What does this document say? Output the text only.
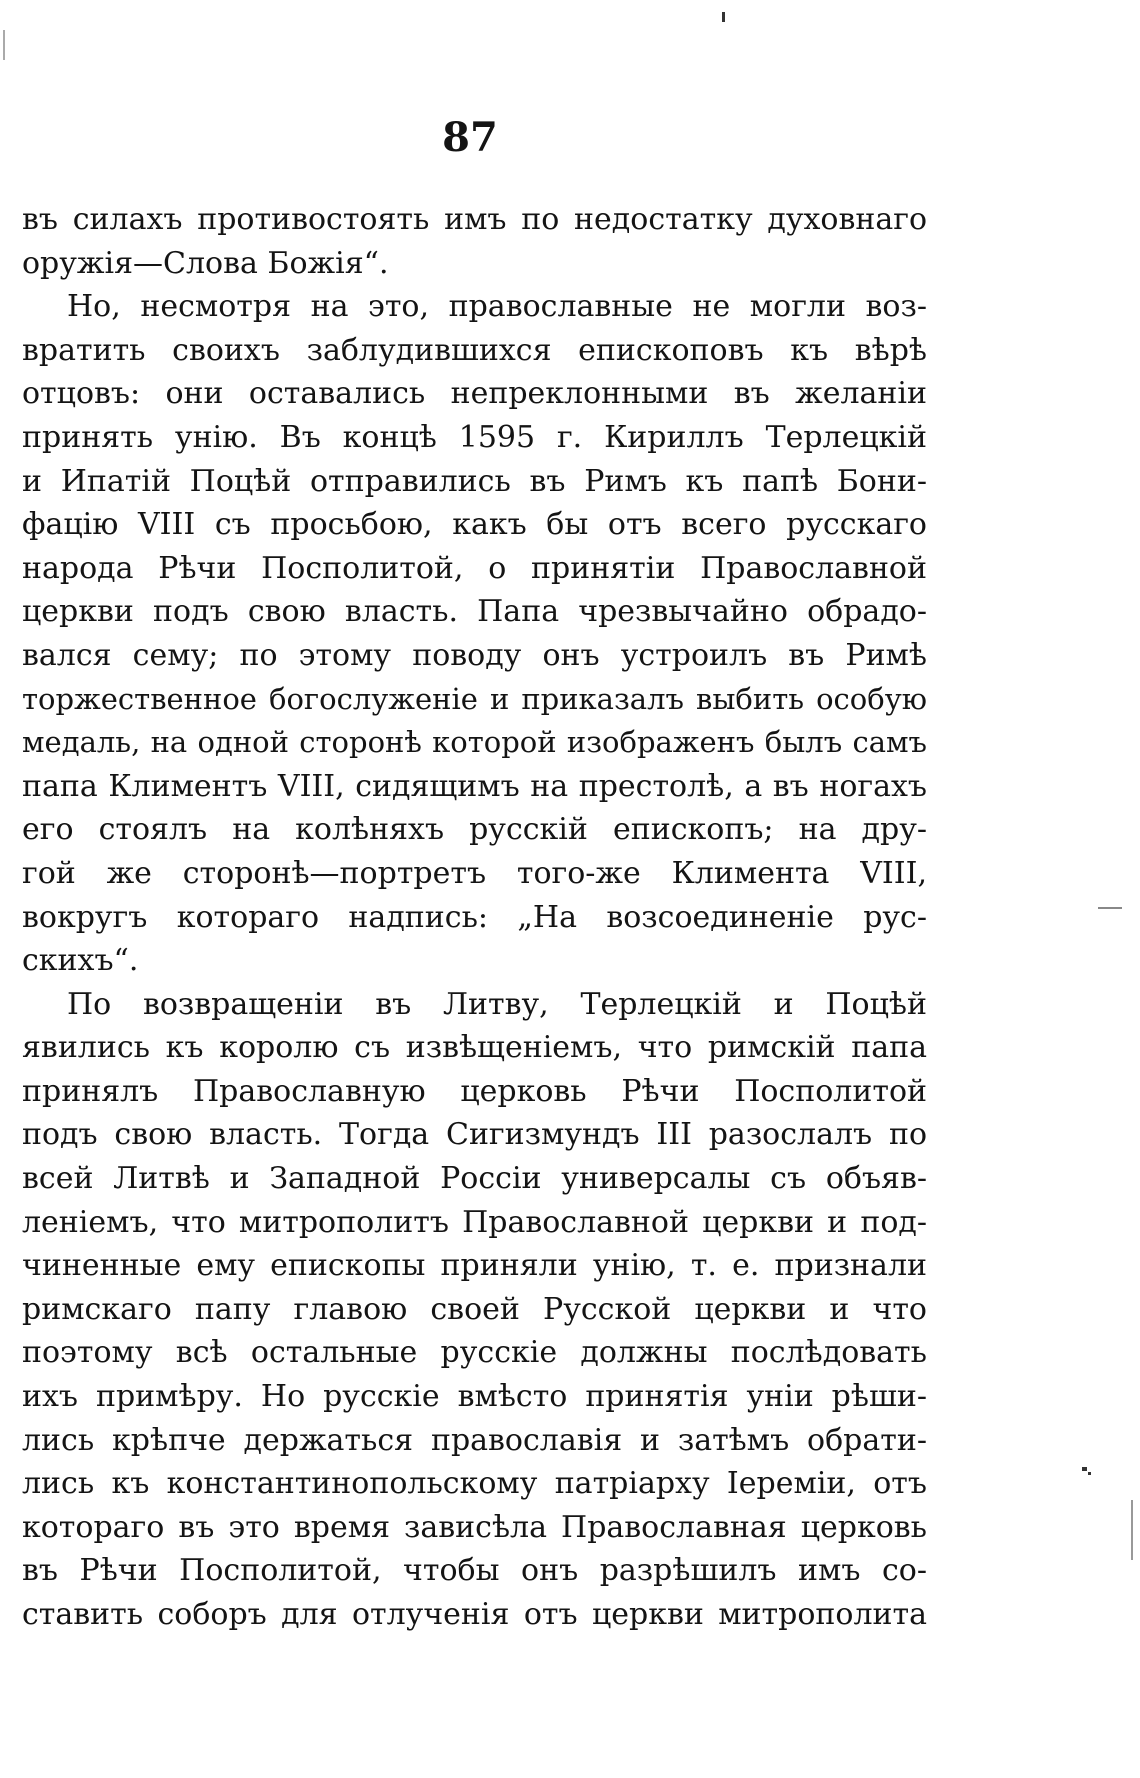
87
въ силахъ противостоять имъ по недостатку духовнаго
оружія—Слова Божія“.
Но, несмотря на это, православные не могли воз-
вратить своихъ заблудившихся епископовъ къ вѣрѣ
отцовъ: они оставались непреклонными въ желаніи
принять унію. Въ концѣ 1595 г. Кириллъ Терлецкій
и Ипатій Поцѣй отправились въ Римъ къ папѣ Бони-
фацію VIII съ просьбою, какъ бы отъ всего русскаго
народа Рѣчи Посполитой, о принятіи Православной
церкви подъ свою власть. Папа чрезвычайно обрадо-
вался сему; по этому поводу онъ устроилъ въ Римѣ
торжественное богослуженіе и приказалъ выбить особую
медаль, на одной сторонѣ которой изображенъ былъ самъ
папа Климентъ VIII, сидящимъ на престолѣ, а въ ногахъ
его стоялъ на колѣняхъ русскій епископъ; на дру-
гой же сторонѣ—портретъ того-же Климента VIII,
вокругъ котораго надпись: „На возсоединеніе рус-
скихъ“.
По возвращеніи въ Литву, Терлецкій и Поцѣй
явились къ королю съ извѣщеніемъ, что римскій папа
принялъ Православную церковь Рѣчи Посполитой
подъ свою власть. Тогда Сигизмундъ III разослалъ по
всей Литвѣ и Западной Россіи универсалы съ объяв-
леніемъ, что митрополитъ Православной церкви и под-
чиненные ему епископы приняли унію, т. е. признали
римскаго папу главою своей Русской церкви и что
поэтому всѣ остальные русскіе должны послѣдовать
ихъ примѣру. Но русскіе вмѣсто принятія уніи рѣши-
лись крѣпче держаться православія и затѣмъ обрати-
лись къ константинопольскому патріарху Іереміи, отъ
котораго въ это время зависѣла Православная церковь
въ Рѣчи Посполитой, чтобы онъ разрѣшилъ имъ со-
ставить соборъ для отлученія отъ церкви митрополита
